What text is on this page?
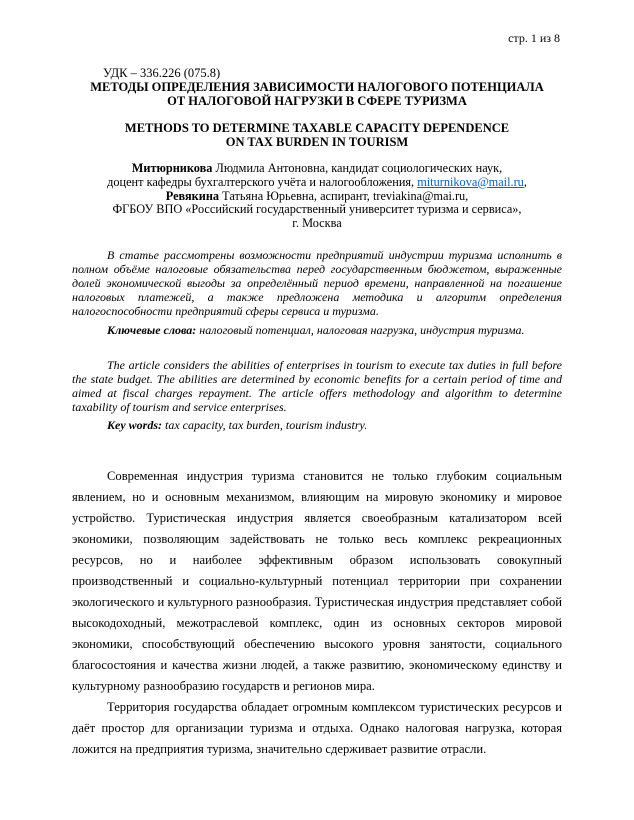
стр. 1 из 8
УДК – 336.226 (075.8)
МЕТОДЫ ОПРЕДЕЛЕНИЯ ЗАВИСИМОСТИ НАЛОГОВОГО ПОТЕНЦИАЛА
ОТ НАЛОГОВОЙ НАГРУЗКИ В СФЕРЕ ТУРИЗМА
METHODS TO DETERMINE TAXABLE CAPACITY DEPENDENCE
ON TAX BURDEN IN TOURISM
Митюрникова Людмила Антоновна, кандидат социологических наук,
доцент кафедры бухгалтерского учёта и налогообложения, miturnikova@mail.ru,
Ревякина Татьяна Юрьевна, аспирант, treviakina@mai.ru,
ФГБОУ ВПО «Российский государственный университет туризма и сервиса»,
г. Москва

В статье рассмотрены возможности предприятий индустрии туризма исполнить в полном объёме налоговые обязательства перед государственным бюджетом, выраженные долей экономической выгоды за определённый период времени, направленной на погашение налоговых платежей, а также предложена методика и алгоритм определения налогоспособности предприятий сферы сервиса и туризма.

Ключевые слова: налоговый потенциал, налоговая нагрузка, индустрия туризма.

The article considers the abilities of enterprises in tourism to execute tax duties in full before the state budget. The abilities are determined by economic benefits for a certain period of time and aimed at fiscal charges repayment. The article offers methodology and algorithm to determine taxability of tourism and service enterprises.

Key words: tax capacity, tax burden, tourism industry.

Современная индустрия туризма становится не только глубоким социальным явлением, но и основным механизмом, влияющим на мировую экономику и мировое устройство. Туристическая индустрия является своеобразным катализатором всей экономики, позволяющим задействовать не только весь комплекс рекреационных ресурсов, но и наиболее эффективным образом использовать совокупный производственный и социально-культурный потенциал территории при сохранении экологического и культурного разнообразия. Туристическая индустрия представляет собой высокодоходный, межотраслевой комплекс, один из основных секторов мировой экономики, способствующий обеспечению высокого уровня занятости, социального благосостояния и качества жизни людей, а также развитию, экономическому единству и культурному разнообразию государств и регионов мира.

Территория государства обладает огромным комплексом туристических ресурсов и даёт простор для организации туризма и отдыха. Однако налоговая нагрузка, которая ложится на предприятия туризма, значительно сдерживает развитие отрасли.
